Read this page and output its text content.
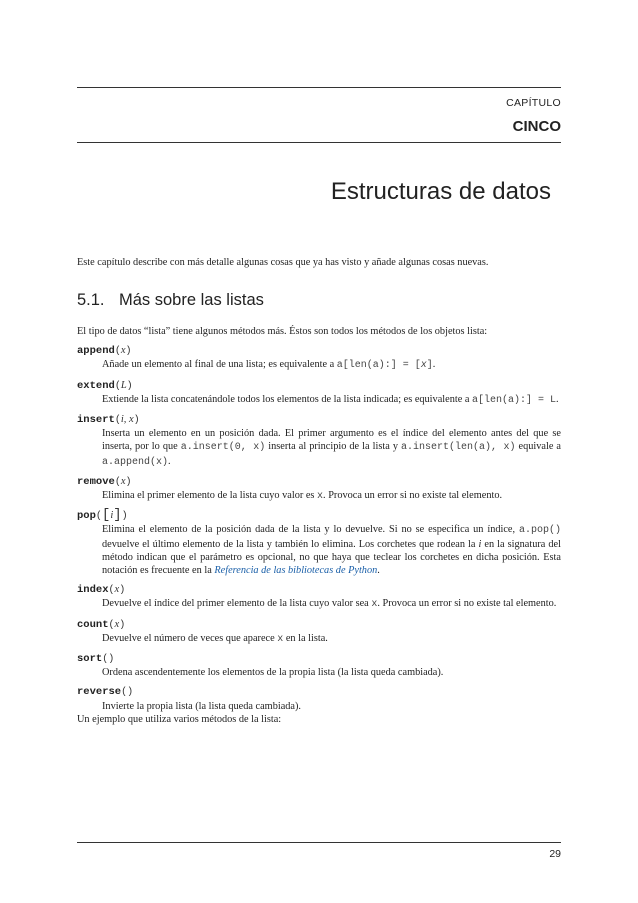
CAPÍTULO
CINCO
Estructuras de datos
Este capítulo describe con más detalle algunas cosas que ya has visto y añade algunas cosas nuevas.
5.1. Más sobre las listas

El tipo de datos “lista” tiene algunos métodos más. Éstos son todos los métodos de los objetos lista:

append(x)
Añade un elemento al final de una lista; es equivalente a a[len(a):] = [x].
extend(L)
Extiende la lista concatenándole todos los elementos de la lista indicada; es equivalente a a[len(a):] = L.
insert(i, x)
Inserta un elemento en un posición dada. El primer argumento es el índice del elemento antes del que se inserta, por lo que a.insert(0, x) inserta al principio de la lista y a.insert(len(a), x) equivale a a.append(x).
remove(x)
Elimina el primer elemento de la lista cuyo valor es x. Provoca un error si no existe tal elemento.
pop([i])
Elimina el elemento de la posición dada de la lista y lo devuelve. Si no se especifica un índice, a.pop() devuelve el último elemento de la lista y también lo elimina. Los corchetes que rodean la i en la signatura del método indican que el parámetro es opcional, no que haya que teclear los corchetes en dicha posición. Esta notación es frecuente en la Referencia de las bibliotecas de Python.
index(x)
Devuelve el índice del primer elemento de la lista cuyo valor sea x. Provoca un error si no existe tal elemento.
count(x)
Devuelve el número de veces que aparece x en la lista.
sort()
Ordena ascendentemente los elementos de la propia lista (la lista queda cambiada).
reverse()
Invierte la propia lista (la lista queda cambiada).

Un ejemplo que utiliza varios métodos de la lista:

29
